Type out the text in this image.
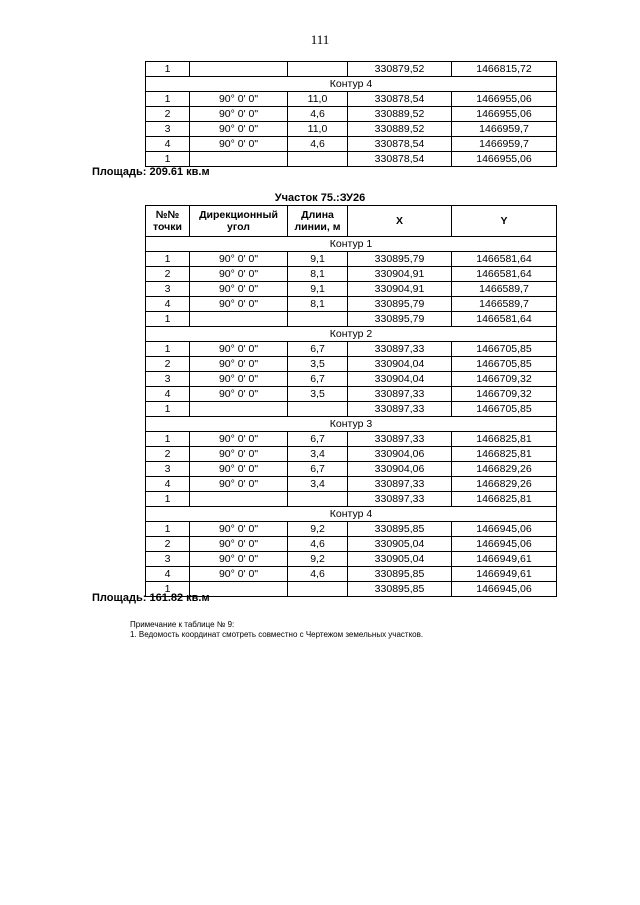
111
1			330879,52	1466815,72
Контур 4				
1	90° 0' 0"	11,0	330878,54	1466955,06
2	90° 0' 0"	4,6	330889,52	1466955,06
3	90° 0' 0"	11,0	330889,52	1466959,7
4	90° 0' 0"	4,6	330878,54	1466959,7
1			330878,54	1466955,06
Площадь: 209.61 кв.м
Участок 75.:ЗУ26
№№ точки	Дирекционный угол	Длина линии, м	X	Y
Контур 1				
1	90° 0' 0"	9,1	330895,79	1466581,64
2	90° 0' 0"	8,1	330904,91	1466581,64
3	90° 0' 0"	9,1	330904,91	1466589,7
4	90° 0' 0"	8,1	330895,79	1466589,7
1			330895,79	1466581,64
Контур 2				
1	90° 0' 0"	6,7	330897,33	1466705,85
2	90° 0' 0"	3,5	330904,04	1466705,85
3	90° 0' 0"	6,7	330904,04	1466709,32
4	90° 0' 0"	3,5	330897,33	1466709,32
1			330897,33	1466705,85
Контур 3				
1	90° 0' 0"	6,7	330897,33	1466825,81
2	90° 0' 0"	3,4	330904,06	1466825,81
3	90° 0' 0"	6,7	330904,06	1466829,26
4	90° 0' 0"	3,4	330897,33	1466829,26
1			330897,33	1466825,81
Контур 4				
1	90° 0' 0"	9,2	330895,85	1466945,06
2	90° 0' 0"	4,6	330905,04	1466945,06
3	90° 0' 0"	9,2	330905,04	1466949,61
4	90° 0' 0"	4,6	330895,85	1466949,61
1			330895,85	1466945,06
Площадь: 161.82 кв.м
Примечание к таблице № 9:
1. Ведомость координат смотреть совместно с Чертежом земельных участков.
